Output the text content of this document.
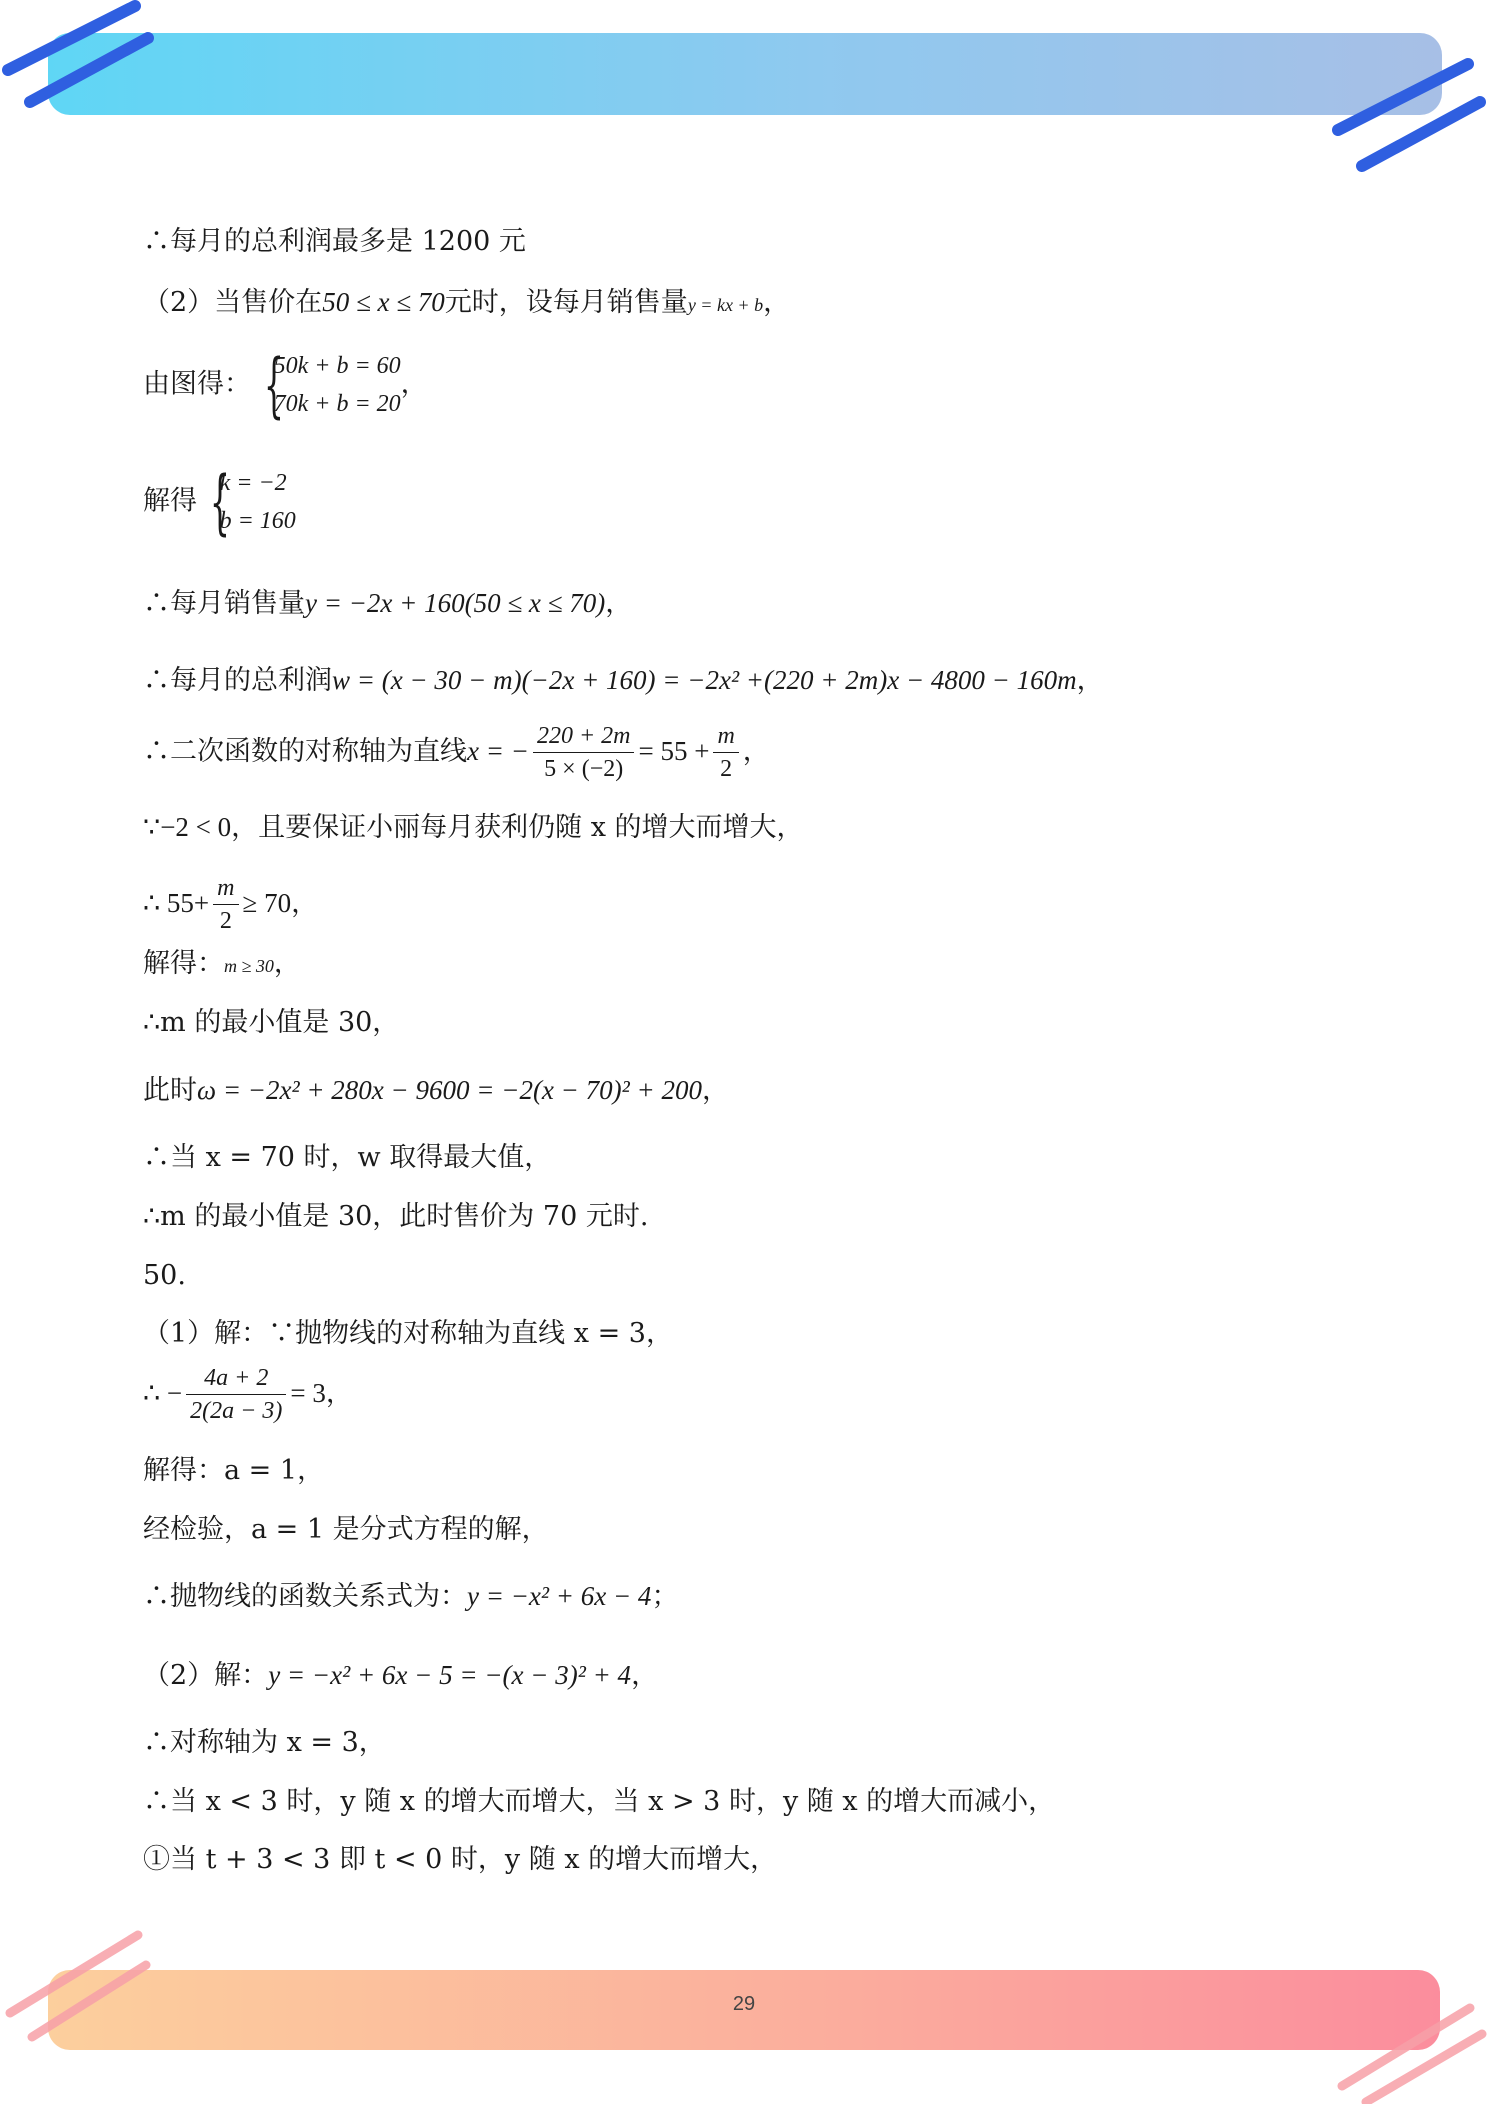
∴每月的总利润最多是 1200 元
（2）当售价在50 ≤ x ≤ 70元时，设每月销售量y = kx + b，
由图得： {
50k + b = 60
70k + b = 20
，
解得 {
k = −2
b = 160
∴每月销售量y = −2x + 160(50 ≤ x ≤ 70)，
∴每月的总利润w = (x − 30 − m)(−2x + 160) = −2x² +(220 + 2m)x − 4800 − 160m，
∴二次函数的对称轴为直线x = − $\frac{220 + 2m}{5 \times (-2)} = 55 + \frac{m}{2}$ ，
∵−2 < 0，且要保证小丽每月获利仍随 x 的增大而增大，
∴ $55+ \frac{m}{2} \ge 70$，
解得：m ≥ 30，
∴m 的最小值是 30，
此时ω = −2x² + 280x − 9600 = −2(x − 70)² + 200，
∴当 x = 70 时，w 取得最大值，
∴m 的最小值是 30，此时售价为 70 元时.
50.
（1）解：∵抛物线的对称轴为直线 x = 3，
∴ − $\frac{4a + 2}{2(2a - 3)} = 3$，
解得：a = 1，
经检验，a = 1 是分式方程的解，
∴抛物线的函数关系式为：y = −x² + 6x − 4；
（2）解：y = −x² + 6x − 5 = −(x − 3)² + 4，
∴对称轴为 x = 3，
∴当 x < 3 时，y 随 x 的增大而增大，当 x > 3 时，y 随 x 的增大而减小，
①当 t + 3 < 3 即 t < 0 时，y 随 x 的增大而增大，
29
